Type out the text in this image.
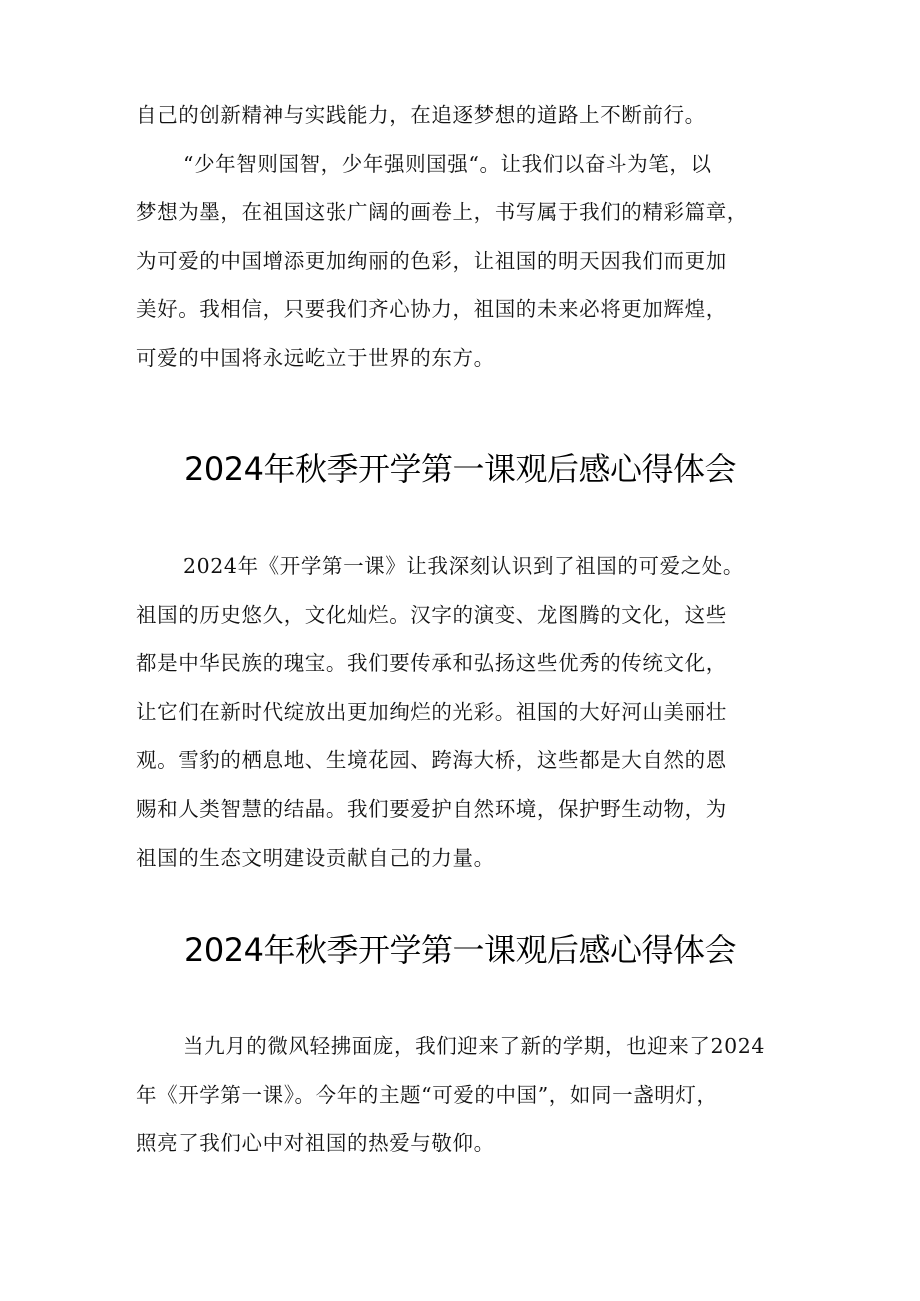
自己的创新精神与实践能力，在追逐梦想的道路上不断前行。
“少年智则国智，少年强则国强“。让我们以奋斗为笔，以
梦想为墨，在祖国这张广阔的画卷上，书写属于我们的精彩篇章，
为可爱的中国增添更加绚丽的色彩，让祖国的明天因我们而更加
美好。我相信，只要我们齐心协力，祖国的未来必将更加辉煌，
可爱的中国将永远屹立于世界的东方。
2024年秋季开学第一课观后感心得体会
2024年《开学第一课》让我深刻认识到了祖国的可爱之处。
祖国的历史悠久，文化灿烂。汉字的演变、龙图腾的文化，这些
都是中华民族的瑰宝。我们要传承和弘扬这些优秀的传统文化，
让它们在新时代绽放出更加绚烂的光彩。祖国的大好河山美丽壮
观。雪豹的栖息地、生境花园、跨海大桥，这些都是大自然的恩
赐和人类智慧的结晶。我们要爱护自然环境，保护野生动物，为
祖国的生态文明建设贡献自己的力量。
2024年秋季开学第一课观后感心得体会
当九月的微风轻拂面庞，我们迎来了新的学期，也迎来了2024
年《开学第一课》。今年的主题“可爱的中国”，如同一盏明灯，
照亮了我们心中对祖国的热爱与敬仰。
